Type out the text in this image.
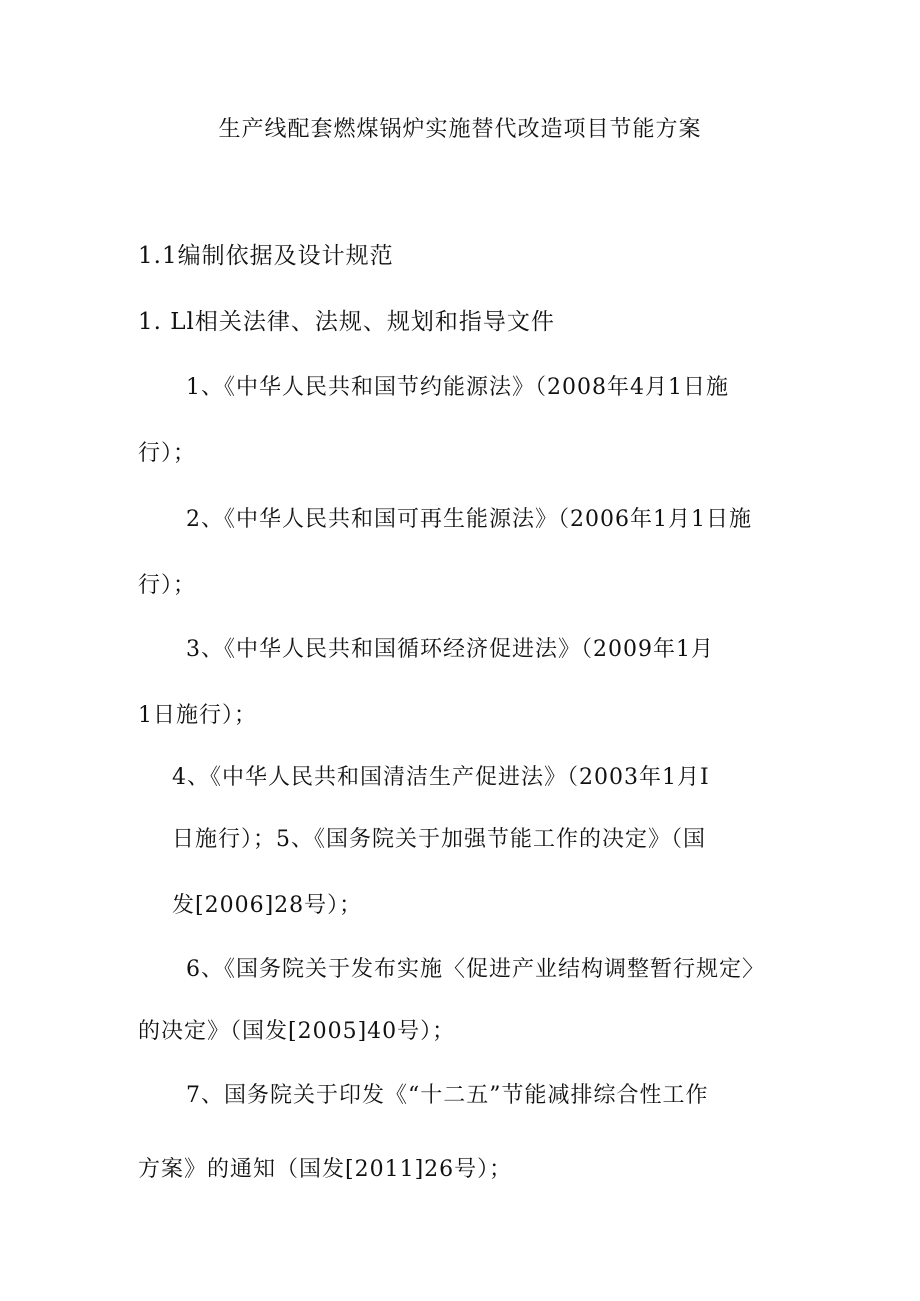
生产线配套燃煤锅炉实施替代改造项目节能方案
1.1编制依据及设计规范
1. Ll相关法律、法规、规划和指导文件
1、《中华人民共和国节约能源法》（2008年4月1日施
行）；
2、《中华人民共和国可再生能源法》（2006年1月1日施
行）；
3、《中华人民共和国循环经济促进法》（2009年1月
1日施行）；
4、《中华人民共和国清洁生产促进法》（2003年1月I
日施行）；5、《国务院关于加强节能工作的决定》（国
发[2006]28号）；
6、《国务院关于发布实施〈促进产业结构调整暂行规定〉
的决定》（国发[2005]40号）；
7、国务院关于印发《“十二五”节能减排综合性工作
方案》的通知（国发[2011]26号）；
